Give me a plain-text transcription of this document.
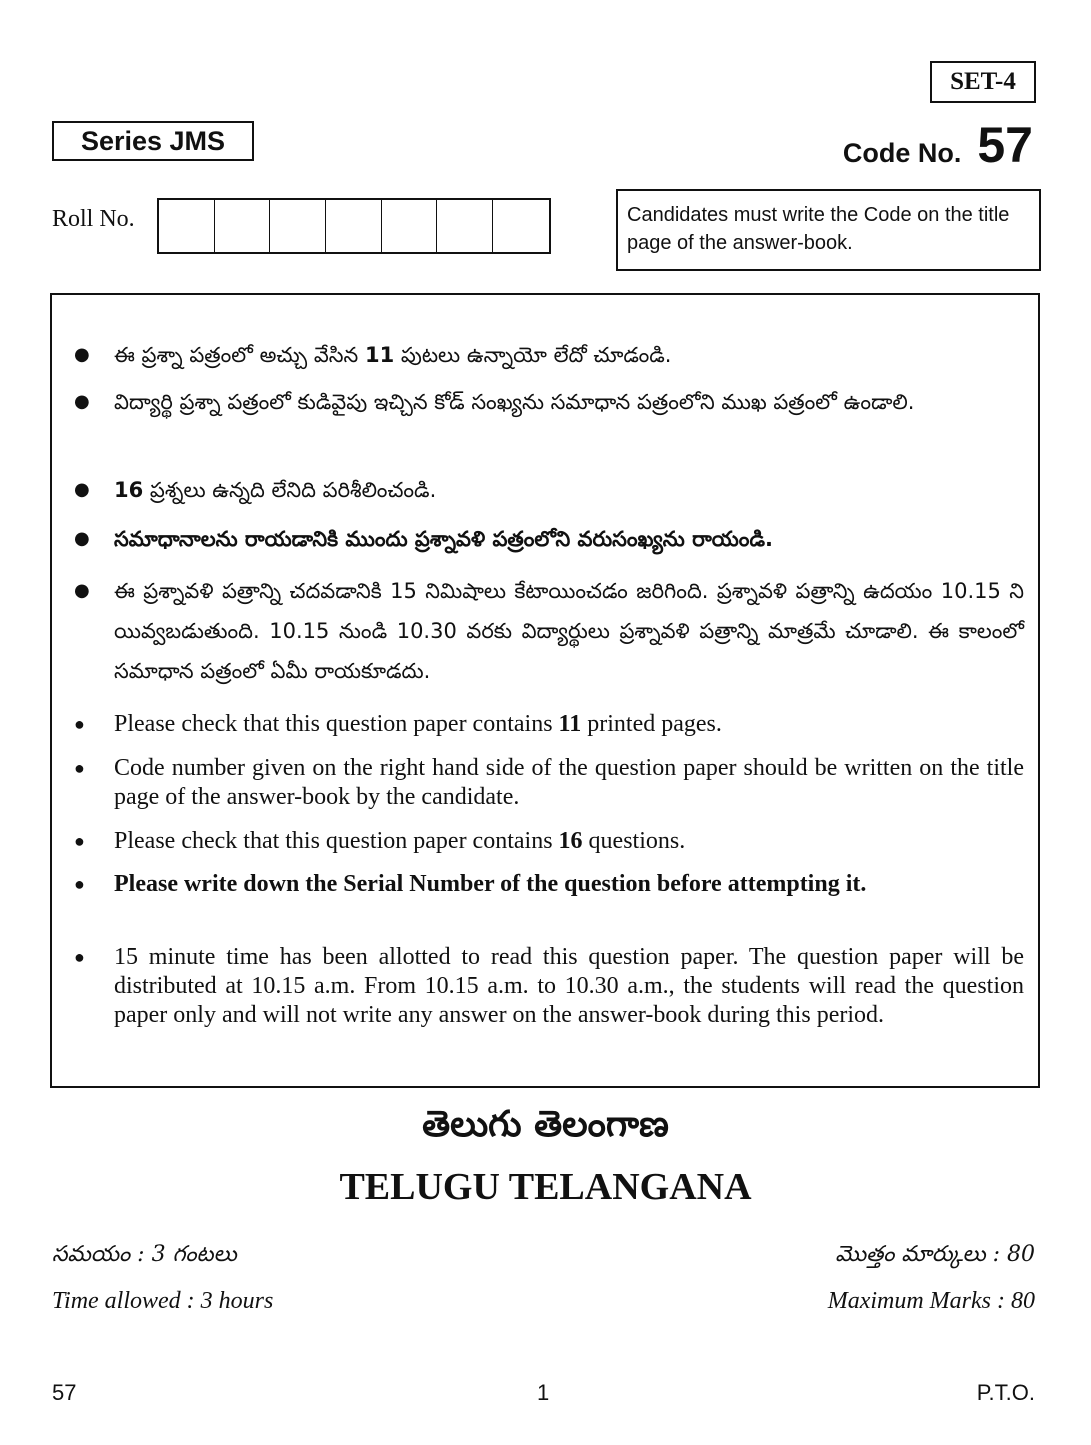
SET-4
Series JMS	Code No. 57
Roll No.	Candidates must write the Code on the title page of the answer-book.
● ఈ ప్రశ్నా పత్రంలో అచ్చు వేసిన 11 పుటలు ఉన్నాయో లేదో చూడండి.
● విద్యార్థి ప్రశ్నా పత్రంలో కుడివైపు ఇచ్చిన కోడ్ సంఖ్యను సమాధాన పత్రంలోని ముఖ పత్రంలో ఉండాలి.
● 16 ప్రశ్నలు ఉన్నది లేనిది పరిశీలించండి.
● సమాధానాలను రాయడానికి ముందు ప్రశ్నావళి పత్రంలోని వరుసంఖ్యను రాయండి.
● ఈ ప్రశ్నావళి పత్రాన్ని చదవడానికి 15 నిమిషాలు కేటాయించడం జరిగింది. ప్రశ్నావళి పత్రాన్ని ఉదయం 10.15 ని యివ్వబడుతుంది. 10.15 నుండి 10.30 వరకు విద్యార్థులు ప్రశ్నావళి పత్రాన్ని మాత్రమే చూడాలి. ఈ కాలంలో సమాధాన పత్రంలో ఏమీ రాయకూడదు.
● Please check that this question paper contains 11 printed pages.
● Code number given on the right hand side of the question paper should be written on the title page of the answer-book by the candidate.
● Please check that this question paper contains 16 questions.
● Please write down the Serial Number of the question before attempting it.
● 15 minute time has been allotted to read this question paper. The question paper will be distributed at 10.15 a.m. From 10.15 a.m. to 10.30 a.m., the students will read the question paper only and will not write any answer on the answer-book during this period.
తెలుగు తెలంగాణ
TELUGU TELANGANA
సమయం : 3 గంటలు	మొత్తం మార్కులు : 80
Time allowed : 3 hours	Maximum Marks : 80
57	1	P.T.O.
